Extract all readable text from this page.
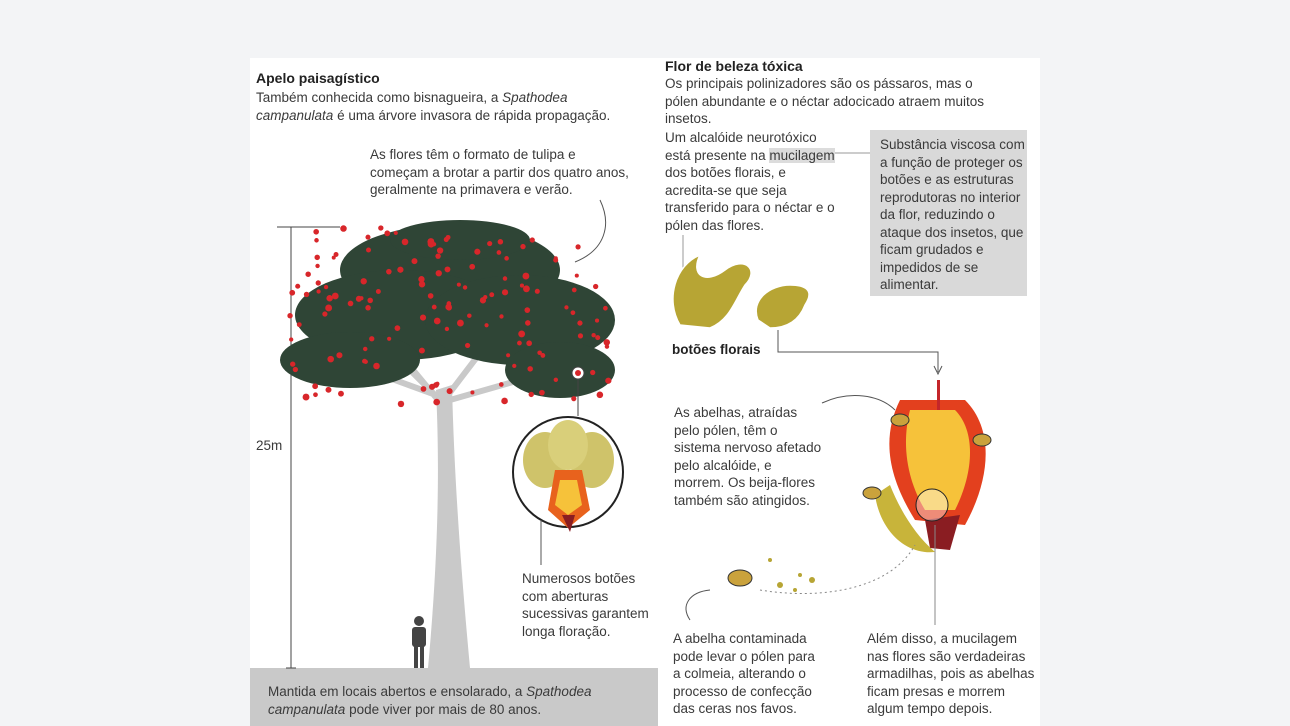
Apelo paisagístico

Também conhecida como bisnagueira, a Spathodea campanulata é uma árvore invasora de rápida propagação.

As flores têm o formato de tulipa e começam a brotar a partir dos quatro anos, geralmente na primavera e verão.

25m

Numerosos botões com aberturas sucessivas garantem longa floração.

Mantida em locais abertos e ensolarado, a Spathodea campanulata pode viver por mais de 80 anos.

Flor de beleza tóxica

Os principais polinizadores são os pássaros, mas o pólen abundante e o néctar adocicado atraem muitos insetos.

Um alcalóide neurotóxico está presente na mucilagem dos botões florais, e acredita-se que seja transferido para o néctar e o pólen das flores.

Substância viscosa com a função de proteger os botões e as estruturas reprodutoras no interior da flor, reduzindo o ataque dos insetos, que ficam grudados e impedidos de se alimentar.

botões florais

As abelhas, atraídas pelo pólen, têm o sistema nervoso afetado pelo alcalóide, e morrem. Os beija-flores também são atingidos.

A abelha contaminada pode levar o pólen para a colmeia, alterando o processo de confecção das ceras nos favos.

Além disso, a mucilagem nas flores são verdadeiras armadilhas, pois as abelhas ficam presas e morrem algum tempo depois.
